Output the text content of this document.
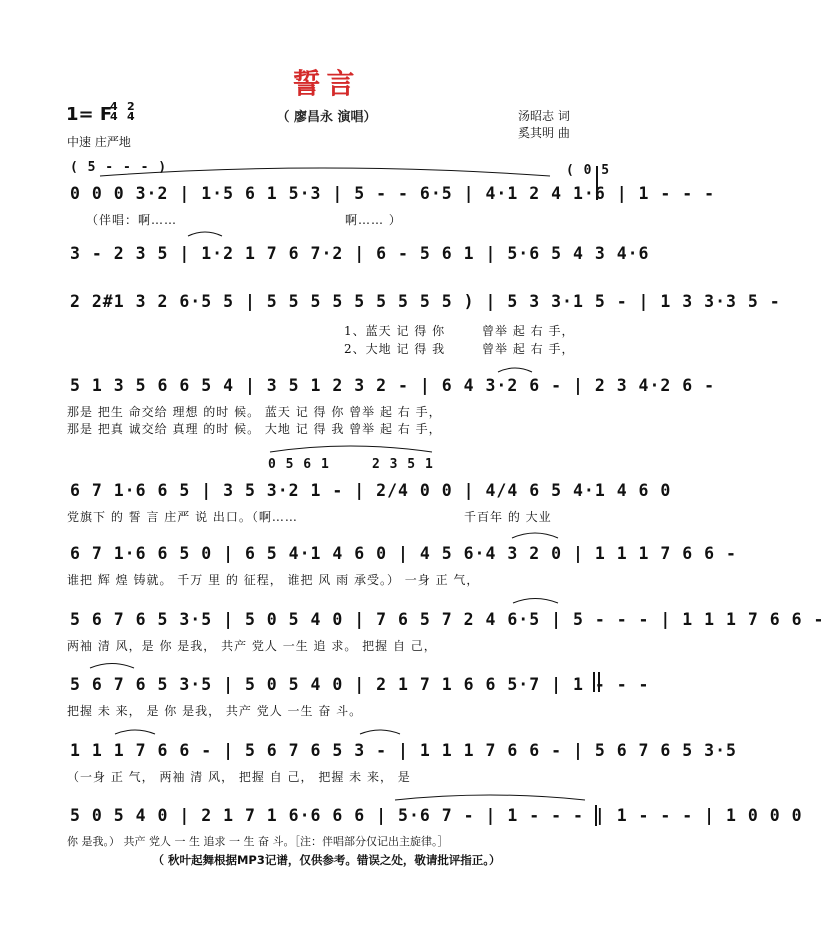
誓言
（ 廖昌永 演唱）
1= F
4
4
2
4	汤昭志 词
奚其明 曲
中速 庄严地
( 5 - - - )	( 0 5
0 0 0 3·2 | 1·5 6 1 5·3 | 5 - - 6·5 | 4·1 2 4 1·6 | 1 - - -
（伴唱：啊……	啊…… ）
3 - 2 3 5 | 1·2 1 7 6 7·2 | 6 - 5 6 1 | 5·6 5 4 3 4·6
2 2#1 3 2 6·5 5 | 5 5 5 5 5 5 5 5 5 ) | 5 3 3·1 5 - | 1 3 3·3 5 -
1、蓝天 记 得 你	曾举 起 右 手，
2、大地 记 得 我	曾举 起 右 手，
5 1 3 5 6 6 5 4 | 3 5 1 2 3 2 - | 6 4 3·2 6 - | 2 3 4·2 6 -
那是 把生 命交给 理想 的时 候。 蓝天 记 得 你 曾举 起 右 手，
那是 把真 诚交给 真理 的时 候。 大地 记 得 我 曾举 起 右 手，
0 5 6 1	2 3 5 1
6 7 1·6 6 5 | 3 5 3·2 1 - | 2/4 0 0 | 4/4 6 5 4·1 4 6 0
党旗下 的 誓 言 庄严 说 出口。（啊……	千百年 的 大业
6 7 1·6 6 5 0 | 6 5 4·1 4 6 0 | 4 5 6·4 3 2 0 | 1 1 1 7 6 6 -
谁把 辉 煌 铸就。 千万 里 的 征程， 谁把 风 雨 承受。） 一身 正 气，
5 6 7 6 5 3·5 | 5 0 5 4 0 | 7 6 5 7 2 4 6·5 | 5 - - - | 1 1 1 7 6 6 -
两袖 清 风，是 你 是我， 共产 党人 一生 追 求。 把握 自 己，
5 6 7 6 5 3·5 | 5 0 5 4 0 | 2 1 7 1 6 6 5·7 | 1 - - -
把握 未 来， 是 你 是我， 共产 党人 一生 奋 斗。
1 1 1 7 6 6 - | 5 6 7 6 5 3 - | 1 1 1 7 6 6 - | 5 6 7 6 5 3·5
（一身 正 气， 两袖 清 风， 把握 自 己， 把握 未 来， 是
5 0 5 4 0 | 2 1 7 1 6·6 6 6 | 5·6 7 - | 1 - - - | 1 - - - | 1 0 0 0
你 是我。） 共产 党人 一 生 追求 一 生 奋 斗。［注：伴唱部分仅记出主旋律。］
（ 秋叶起舞根据MP3记谱，仅供参考。错误之处，敬请批评指正。）
